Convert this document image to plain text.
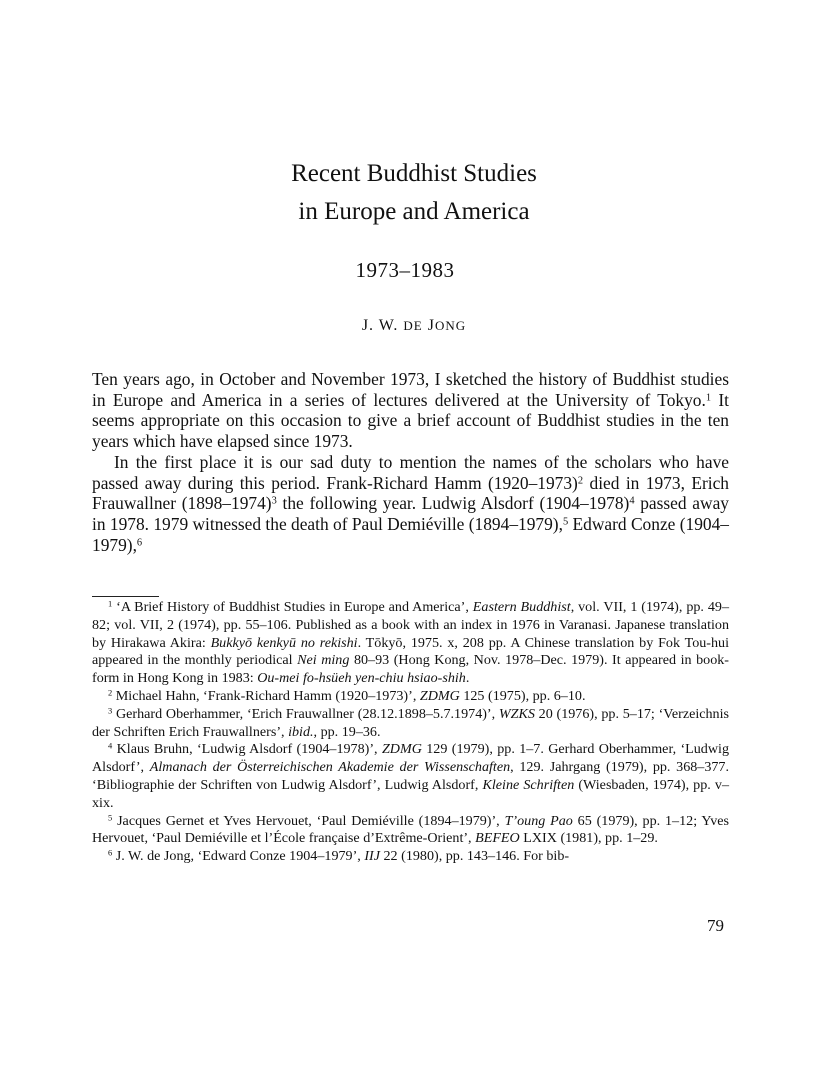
Recent Buddhist Studies
in Europe and America
1973–1983
J. W. DE JONG

Ten years ago, in October and November 1973, I sketched the history of Buddhist studies in Europe and America in a series of lectures delivered at the University of Tokyo.$^1$ It seems appropriate on this occasion to give a brief account of Buddhist studies in the ten years which have elapsed since 1973.

In the first place it is our sad duty to mention the names of the scholars who have passed away during this period. Frank-Richard Hamm (1920–1973)$^2$ died in 1973, Erich Frauwallner (1898–1974)$^3$ the following year. Ludwig Alsdorf (1904–1978)$^4$ passed away in 1978. 1979 witnessed the death of Paul Demiéville (1894–1979),$^5$ Edward Conze (1904–1979),$^6$

$^1$ ‘A Brief History of Buddhist Studies in Europe and America’, Eastern Buddhist, vol. VII, 1 (1974), pp. 49–82; vol. VII, 2 (1974), pp. 55–106. Published as a book with an index in 1976 in Varanasi. Japanese translation by Hirakawa Akira: Bukkyō kenkyū no rekishi. Tōkyō, 1975. x, 208 pp. A Chinese translation by Fok Tou-hui appeared in the monthly periodical Nei ming 80–93 (Hong Kong, Nov. 1978–Dec. 1979). It appeared in book-form in Hong Kong in 1983: Ou-mei fo-hsüeh yen-chiu hsiao-shih.

$^2$ Michael Hahn, ‘Frank-Richard Hamm (1920–1973)’, ZDMG 125 (1975), pp. 6–10.

$^3$ Gerhard Oberhammer, ‘Erich Frauwallner (28.12.1898–5.7.1974)’, WZKS 20 (1976), pp. 5–17; ‘Verzeichnis der Schriften Erich Frauwallners’, ibid., pp. 19–36.

$^4$ Klaus Bruhn, ‘Ludwig Alsdorf (1904–1978)’, ZDMG 129 (1979), pp. 1–7. Gerhard Oberhammer, ‘Ludwig Alsdorf’, Almanach der Österreichischen Akademie der Wissenschaften, 129. Jahrgang (1979), pp. 368–377. ‘Bibliographie der Schriften von Ludwig Alsdorf’, Ludwig Alsdorf, Kleine Schriften (Wiesbaden, 1974), pp. v–xix.

$^5$ Jacques Gernet et Yves Hervouet, ‘Paul Demiéville (1894–1979)’, T’oung Pao 65 (1979), pp. 1–12; Yves Hervouet, ‘Paul Demiéville et l’École française d’Extrême-Orient’, BEFEO LXIX (1981), pp. 1–29.

$^6$ J. W. de Jong, ‘Edward Conze 1904–1979’, IIJ 22 (1980), pp. 143–146. For bib-

79
